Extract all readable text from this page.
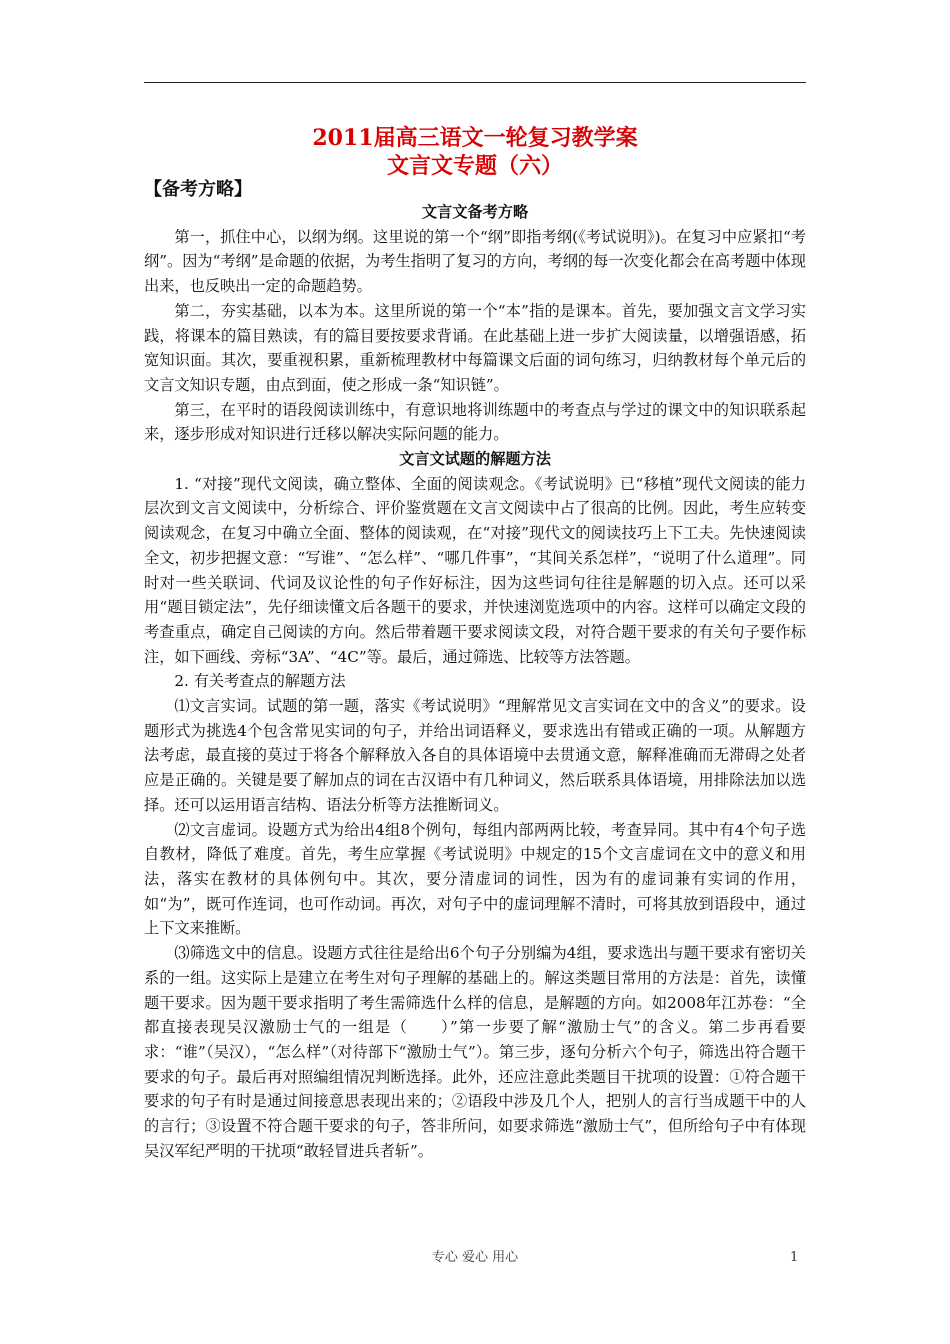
2011届高三语文一轮复习教学案
文言文专题（六）
【备考方略】
文言文备考方略

第一，抓住中心，以纲为纲。这里说的第一个“纲”即指考纲(《考试说明》)。在复习中应紧扣“考纲”。因为“考纲”是命题的依据，为考生指明了复习的方向，考纲的每一次变化都会在高考题中体现出来，也反映出一定的命题趋势。

第二，夯实基础，以本为本。这里所说的第一个“本”指的是课本。首先，要加强文言文学习实践，将课本的篇目熟读，有的篇目要按要求背诵。在此基础上进一步扩大阅读量，以增强语感，拓宽知识面。其次，要重视积累，重新梳理教材中每篇课文后面的词句练习，归纳教材每个单元后的文言文知识专题，由点到面，使之形成一条“知识链”。

第三，在平时的语段阅读训练中，有意识地将训练题中的考查点与学过的课文中的知识联系起来，逐步形成对知识进行迁移以解决实际问题的能力。

文言文试题的解题方法

1. “对接”现代文阅读，确立整体、全面的阅读观念。《考试说明》已“移植”现代文阅读的能力层次到文言文阅读中，分析综合、评价鉴赏题在文言文阅读中占了很高的比例。因此，考生应转变阅读观念，在复习中确立全面、整体的阅读观，在“对接”现代文的阅读技巧上下工夫。先快速阅读全文，初步把握文意：“写谁”、“怎么样”、“哪几件事”，“其间关系怎样”，“说明了什么道理”。同时对一些关联词、代词及议论性的句子作好标注，因为这些词句往往是解题的切入点。还可以采用“题目锁定法”，先仔细读懂文后各题干的要求，并快速浏览选项中的内容。这样可以确定文段的考查重点，确定自己阅读的方向。然后带着题干要求阅读文段，对符合题干要求的有关句子要作标注，如下画线、旁标“3A”、“4C”等。最后，通过筛选、比较等方法答题。

2. 有关考查点的解题方法

⑴文言实词。试题的第一题，落实《考试说明》“理解常见文言实词在文中的含义”的要求。设题形式为挑选4个包含常见实词的句子，并给出词语释义，要求选出有错或正确的一项。从解题方法考虑，最直接的莫过于将各个解释放入各自的具体语境中去贯通文意，解释准确而无滞碍之处者应是正确的。关键是要了解加点的词在古汉语中有几种词义，然后联系具体语境，用排除法加以选择。还可以运用语言结构、语法分析等方法推断词义。

⑵文言虚词。设题方式为给出4组8个例句，每组内部两两比较，考查异同。其中有4个句子选自教材，降低了难度。首先，考生应掌握《考试说明》中规定的15个文言虚词在文中的意义和用法，落实在教材的具体例句中。其次，要分清虚词的词性，因为有的虚词兼有实词的作用，如“为”，既可作连词，也可作动词。再次，对句子中的虚词理解不清时，可将其放到语段中，通过上下文来推断。

⑶筛选文中的信息。设题方式往往是给出6个句子分别编为4组，要求选出与题干要求有密切关系的一组。这实际上是建立在考生对句子理解的基础上的。解这类题目常用的方法是：首先，读懂题干要求。因为题干要求指明了考生需筛选什么样的信息，是解题的方向。如2008年江苏卷：“全都直接表现吴汉激励士气的一组是（　　）”第一步要了解“激励士气”的含义。第二步再看要求：“谁”（吴汉），“怎么样”（对待部下“激励士气”）。第三步，逐句分析六个句子，筛选出符合题干要求的句子。最后再对照编组情况判断选择。此外，还应注意此类题目干扰项的设置：①符合题干要求的句子有时是通过间接意思表现出来的；②语段中涉及几个人，把别人的言行当成题干中的人的言行；③设置不符合题干要求的句子，答非所问，如要求筛选“激励士气”，但所给句子中有体现吴汉军纪严明的干扰项“敢轻冒进兵者斩”。

专心 爱心 用心	1
